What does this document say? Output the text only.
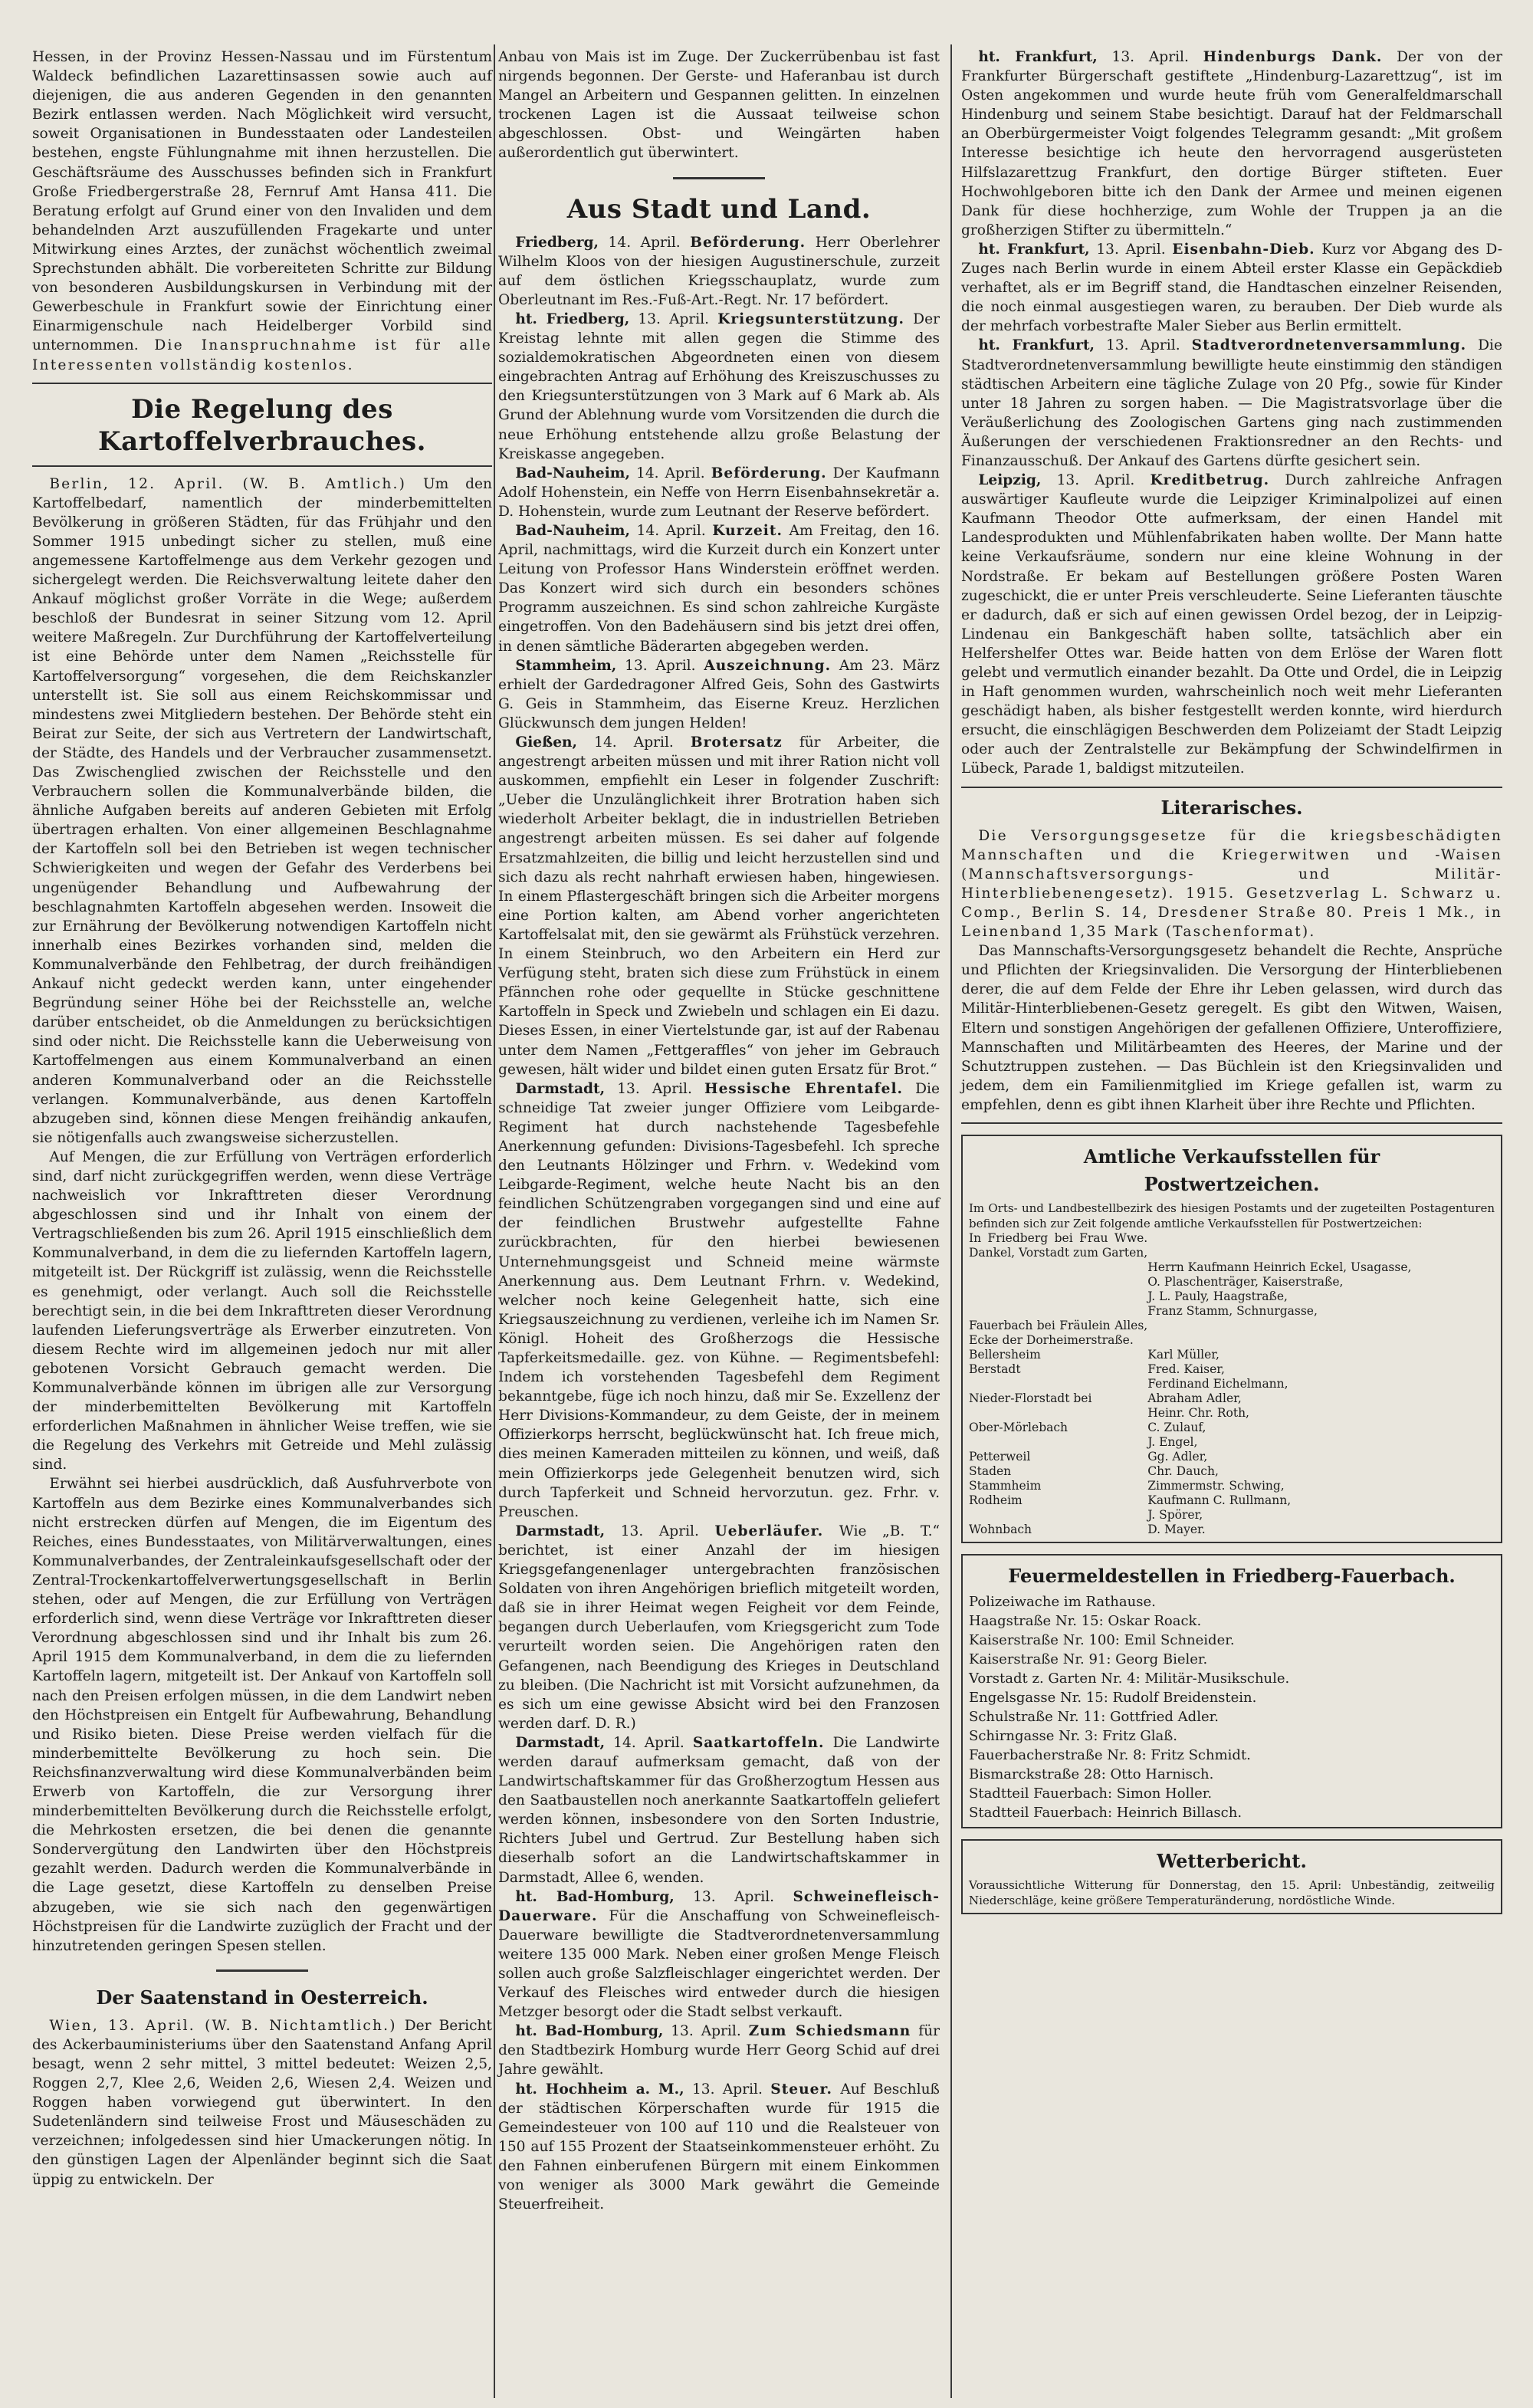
Hessen, in der Provinz Hessen-Nassau und im Fürstentum Waldeck befindlichen Lazarettinsassen sowie auch auf diejenigen, die aus anderen Gegenden in den genannten Bezirk entlassen werden. Nach Möglichkeit wird versucht, soweit Organisationen in Bundesstaaten oder Landesteilen bestehen, engste Fühlungnahme mit ihnen herzustellen. Die Geschäftsräume des Ausschusses befinden sich in Frankfurt Große Friedbergerstraße 28, Fernruf Amt Hansa 411. Die Beratung erfolgt auf Grund einer von den Invaliden und dem behandelnden Arzt auszufüllenden Fragekarte und unter Mitwirkung eines Arztes, der zunächst wöchentlich zweimal Sprechstunden abhält. Die vorbereiteten Schritte zur Bildung von besonderen Ausbildungskursen in Verbindung mit der Gewerbeschule in Frankfurt sowie der Einrichtung einer Einarmigenschule nach Heidelberger Vorbild sind unternommen. Die Inanspruchnahme ist für alle Interessenten vollständig kostenlos.

Die Regelung des Kartoffelverbrauches.

Berlin, 12. April. (W. B. Amtlich.) Um den Kartoffelbedarf, namentlich der minderbemittelten Bevölkerung in größeren Städten, für das Frühjahr und den Sommer 1915 unbedingt sicher zu stellen, muß eine angemessene Kartoffelmenge aus dem Verkehr gezogen und sichergelegt werden. Die Reichsverwaltung leitete daher den Ankauf möglichst großer Vorräte in die Wege; außerdem beschloß der Bundesrat in seiner Sitzung vom 12. April weitere Maßregeln. Zur Durchführung der Kartoffelverteilung ist eine Behörde unter dem Namen „Reichsstelle für Kartoffelversorgung“ vorgesehen, die dem Reichskanzler unterstellt ist. Sie soll aus einem Reichskommissar und mindestens zwei Mitgliedern bestehen. Der Behörde steht ein Beirat zur Seite, der sich aus Vertretern der Landwirtschaft, der Städte, des Handels und der Verbraucher zusammensetzt. Das Zwischenglied zwischen der Reichsstelle und den Verbrauchern sollen die Kommunalverbände bilden, die ähnliche Aufgaben bereits auf anderen Gebieten mit Erfolg übertragen erhalten. Von einer allgemeinen Beschlagnahme der Kartoffeln soll bei den Betrieben ist wegen technischer Schwierigkeiten und wegen der Gefahr des Verderbens bei ungenügender Behandlung und Aufbewahrung der beschlagnahmten Kartoffeln abgesehen werden. Insoweit die zur Ernährung der Bevölkerung notwendigen Kartoffeln nicht innerhalb eines Bezirkes vorhanden sind, melden die Kommunalverbände den Fehlbetrag, der durch freihändigen Ankauf nicht gedeckt werden kann, unter eingehender Begründung seiner Höhe bei der Reichsstelle an, welche darüber entscheidet, ob die Anmeldungen zu berücksichtigen sind oder nicht. Die Reichsstelle kann die Ueberweisung von Kartoffelmengen aus einem Kommunalverband an einen anderen Kommunalverband oder an die Reichsstelle verlangen. Kommunalverbände, aus denen Kartoffeln abzugeben sind, können diese Mengen freihändig ankaufen, sie nötigenfalls auch zwangsweise sicherzustellen.

Auf Mengen, die zur Erfüllung von Verträgen erforderlich sind, darf nicht zurückgegriffen werden, wenn diese Verträge nachweislich vor Inkrafttreten dieser Verordnung abgeschlossen sind und ihr Inhalt von einem der Vertragschließenden bis zum 26. April 1915 einschließlich dem Kommunalverband, in dem die zu liefernden Kartoffeln lagern, mitgeteilt ist. Der Rückgriff ist zulässig, wenn die Reichsstelle es genehmigt, oder verlangt. Auch soll die Reichsstelle berechtigt sein, in die bei dem Inkrafttreten dieser Verordnung laufenden Lieferungsverträge als Erwerber einzutreten. Von diesem Rechte wird im allgemeinen jedoch nur mit aller gebotenen Vorsicht Gebrauch gemacht werden. Die Kommunalverbände können im übrigen alle zur Versorgung der minderbemittelten Bevölkerung mit Kartoffeln erforderlichen Maßnahmen in ähnlicher Weise treffen, wie sie die Regelung des Verkehrs mit Getreide und Mehl zulässig sind.

Erwähnt sei hierbei ausdrücklich, daß Ausfuhrverbote von Kartoffeln aus dem Bezirke eines Kommunalverbandes sich nicht erstrecken dürfen auf Mengen, die im Eigentum des Reiches, eines Bundesstaates, von Militärverwaltungen, eines Kommunalverbandes, der Zentraleinkaufsgesellschaft oder der Zentral-Trockenkartoffelverwertungsgesellschaft in Berlin stehen, oder auf Mengen, die zur Erfüllung von Verträgen erforderlich sind, wenn diese Verträge vor Inkrafttreten dieser Verordnung abgeschlossen sind und ihr Inhalt bis zum 26. April 1915 dem Kommunalverband, in dem die zu liefernden Kartoffeln lagern, mitgeteilt ist. Der Ankauf von Kartoffeln soll nach den Preisen erfolgen müssen, in die dem Landwirt neben den Höchstpreisen ein Entgelt für Aufbewahrung, Behandlung und Risiko bieten. Diese Preise werden vielfach für die minderbemittelte Bevölkerung zu hoch sein. Die Reichsfinanzverwaltung wird diese Kommunalverbänden beim Erwerb von Kartoffeln, die zur Versorgung ihrer minderbemittelten Bevölkerung durch die Reichsstelle erfolgt, die Mehrkosten ersetzen, die bei denen die genannte Sondervergütung den Landwirten über den Höchstpreis gezahlt werden. Dadurch werden die Kommunalverbände in die Lage gesetzt, diese Kartoffeln zu denselben Preise abzugeben, wie sie sich nach den gegenwärtigen Höchstpreisen für die Landwirte zuzüglich der Fracht und der hinzutretenden geringen Spesen stellen.

Der Saatenstand in Oesterreich.

Wien, 13. April. (W. B. Nichtamtlich.) Der Bericht des Ackerbauministeriums über den Saatenstand Anfang April besagt, wenn 2 sehr mittel, 3 mittel bedeutet: Weizen 2,5, Roggen 2,7, Klee 2,6, Weiden 2,6, Wiesen 2,4. Weizen und Roggen haben vorwiegend gut überwintert. In den Sudetenländern sind teilweise Frost und Mäuseschäden zu verzeichnen; infolgedessen sind hier Umackerungen nötig. In den günstigen Lagen der Alpenländer beginnt sich die Saat üppig zu entwickeln. Der

Anbau von Mais ist im Zuge. Der Zuckerrübenbau ist fast nirgends begonnen. Der Gerste- und Haferanbau ist durch Mangel an Arbeitern und Gespannen gelitten. In einzelnen trockenen Lagen ist die Aussaat teilweise schon abgeschlossen. Obst- und Weingärten haben außerordentlich gut überwintert.

Aus Stadt und Land.

Friedberg, 14. April. Beförderung. Herr Oberlehrer Wilhelm Kloos von der hiesigen Augustinerschule, zurzeit auf dem östlichen Kriegsschauplatz, wurde zum Oberleutnant im Res.-Fuß-Art.-Regt. Nr. 17 befördert.

ht. Friedberg, 13. April. Kriegsunterstützung. Der Kreistag lehnte mit allen gegen die Stimme des sozialdemokratischen Abgeordneten einen von diesem eingebrachten Antrag auf Erhöhung des Kreiszuschusses zu den Kriegsunterstützungen von 3 Mark auf 6 Mark ab. Als Grund der Ablehnung wurde vom Vorsitzenden die durch die neue Erhöhung entstehende allzu große Belastung der Kreiskasse angegeben.

Bad-Nauheim, 14. April. Beförderung. Der Kaufmann Adolf Hohenstein, ein Neffe von Herrn Eisenbahnsekretär a. D. Hohenstein, wurde zum Leutnant der Reserve befördert.

Bad-Nauheim, 14. April. Kurzeit. Am Freitag, den 16. April, nachmittags, wird die Kurzeit durch ein Konzert unter Leitung von Professor Hans Winderstein eröffnet werden. Das Konzert wird sich durch ein besonders schönes Programm auszeichnen. Es sind schon zahlreiche Kurgäste eingetroffen. Von den Badehäusern sind bis jetzt drei offen, in denen sämtliche Bäderarten abgegeben werden.

Stammheim, 13. April. Auszeichnung. Am 23. März erhielt der Gardedragoner Alfred Geis, Sohn des Gastwirts G. Geis in Stammheim, das Eiserne Kreuz. Herzlichen Glückwunsch dem jungen Helden!

Gießen, 14. April. Brotersatz für Arbeiter, die angestrengt arbeiten müssen und mit ihrer Ration nicht voll auskommen, empfiehlt ein Leser in folgender Zuschrift: „Ueber die Unzulänglichkeit ihrer Brotration haben sich wiederholt Arbeiter beklagt, die in industriellen Betrieben angestrengt arbeiten müssen. Es sei daher auf folgende Ersatzmahlzeiten, die billig und leicht herzustellen sind und sich dazu als recht nahrhaft erwiesen haben, hingewiesen. In einem Pflastergeschäft bringen sich die Arbeiter morgens eine Portion kalten, am Abend vorher angerichteten Kartoffelsalat mit, den sie gewärmt als Frühstück verzehren. In einem Steinbruch, wo den Arbeitern ein Herd zur Verfügung steht, braten sich diese zum Frühstück in einem Pfännchen rohe oder gequellte in Stücke geschnittene Kartoffeln in Speck und Zwiebeln und schlagen ein Ei dazu. Dieses Essen, in einer Viertelstunde gar, ist auf der Rabenau unter dem Namen „Fettgeraffles“ von jeher im Gebrauch gewesen, hält wider und bildet einen guten Ersatz für Brot.“

Darmstadt, 13. April. Hessische Ehrentafel. Die schneidige Tat zweier junger Offiziere vom Leibgarde-Regiment hat durch nachstehende Tagesbefehle Anerkennung gefunden: Divisions-Tagesbefehl. Ich spreche den Leutnants Hölzinger und Frhrn. v. Wedekind vom Leibgarde-Regiment, welche heute Nacht bis an den feindlichen Schützengraben vorgegangen sind und eine auf der feindlichen Brustwehr aufgestellte Fahne zurückbrachten, für den hierbei bewiesenen Unternehmungsgeist und Schneid meine wärmste Anerkennung aus. Dem Leutnant Frhrn. v. Wedekind, welcher noch keine Gelegenheit hatte, sich eine Kriegsauszeichnung zu verdienen, verleihe ich im Namen Sr. Königl. Hoheit des Großherzogs die Hessische Tapferkeitsmedaille. gez. von Kühne. — Regimentsbefehl: Indem ich vorstehenden Tagesbefehl dem Regiment bekanntgebe, füge ich noch hinzu, daß mir Se. Exzellenz der Herr Divisions-Kommandeur, zu dem Geiste, der in meinem Offizierkorps herrscht, beglückwünscht hat. Ich freue mich, dies meinen Kameraden mitteilen zu können, und weiß, daß mein Offizierkorps jede Gelegenheit benutzen wird, sich durch Tapferkeit und Schneid hervorzutun. gez. Frhr. v. Preuschen.

Darmstadt, 13. April. Ueberläufer. Wie „B. T.“ berichtet, ist einer Anzahl der im hiesigen Kriegsgefangenenlager untergebrachten französischen Soldaten von ihren Angehörigen brieflich mitgeteilt worden, daß sie in ihrer Heimat wegen Feigheit vor dem Feinde, begangen durch Ueberlaufen, vom Kriegsgericht zum Tode verurteilt worden seien. Die Angehörigen raten den Gefangenen, nach Beendigung des Krieges in Deutschland zu bleiben. (Die Nachricht ist mit Vorsicht aufzunehmen, da es sich um eine gewisse Absicht wird bei den Franzosen werden darf. D. R.)

Darmstadt, 14. April. Saatkartoffeln. Die Landwirte werden darauf aufmerksam gemacht, daß von der Landwirtschaftskammer für das Großherzogtum Hessen aus den Saatbaustellen noch anerkannte Saatkartoffeln geliefert werden können, insbesondere von den Sorten Industrie, Richters Jubel und Gertrud. Zur Bestellung haben sich dieserhalb sofort an die Landwirtschaftskammer in Darmstadt, Allee 6, wenden.

ht. Bad-Homburg, 13. April. Schweinefleisch-Dauerware. Für die Anschaffung von Schweinefleisch-Dauerware bewilligte die Stadtverordnetenversammlung weitere 135 000 Mark. Neben einer großen Menge Fleisch sollen auch große Salzfleischlager eingerichtet werden. Der Verkauf des Fleisches wird entweder durch die hiesigen Metzger besorgt oder die Stadt selbst verkauft.

ht. Bad-Homburg, 13. April. Zum Schiedsmann für den Stadtbezirk Homburg wurde Herr Georg Schid auf drei Jahre gewählt.

ht. Hochheim a. M., 13. April. Steuer. Auf Beschluß der städtischen Körperschaften wurde für 1915 die Gemeindesteuer von 100 auf 110 und die Realsteuer von 150 auf 155 Prozent der Staatseinkommensteuer erhöht. Zu den Fahnen einberufenen Bürgern mit einem Einkommen von weniger als 3000 Mark gewährt die Gemeinde Steuerfreiheit.

ht. Frankfurt, 13. April. Hindenburgs Dank. Der von der Frankfurter Bürgerschaft gestiftete „Hindenburg-Lazarettzug“, ist im Osten angekommen und wurde heute früh vom Generalfeldmarschall Hindenburg und seinem Stabe besichtigt. Darauf hat der Feldmarschall an Oberbürgermeister Voigt folgendes Telegramm gesandt: „Mit großem Interesse besichtige ich heute den hervorragend ausgerüsteten Hilfslazarettzug Frankfurt, den dortige Bürger stifteten. Euer Hochwohlgeboren bitte ich den Dank der Armee und meinen eigenen Dank für diese hochherzige, zum Wohle der Truppen ja an die großherzigen Stifter zu übermitteln.“

ht. Frankfurt, 13. April. Eisenbahn-Dieb. Kurz vor Abgang des D-Zuges nach Berlin wurde in einem Abteil erster Klasse ein Gepäckdieb verhaftet, als er im Begriff stand, die Handtaschen einzelner Reisenden, die noch einmal ausgestiegen waren, zu berauben. Der Dieb wurde als der mehrfach vorbestrafte Maler Sieber aus Berlin ermittelt.

ht. Frankfurt, 13. April. Stadtverordnetenversammlung. Die Stadtverordnetenversammlung bewilligte heute einstimmig den ständigen städtischen Arbeitern eine tägliche Zulage von 20 Pfg., sowie für Kinder unter 18 Jahren zu sorgen haben. — Die Magistratsvorlage über die Veräußerlichung des Zoologischen Gartens ging nach zustimmenden Äußerungen der verschiedenen Fraktionsredner an den Rechts- und Finanzausschuß. Der Ankauf des Gartens dürfte gesichert sein.

Leipzig, 13. April. Kreditbetrug. Durch zahlreiche Anfragen auswärtiger Kaufleute wurde die Leipziger Kriminalpolizei auf einen Kaufmann Theodor Otte aufmerksam, der einen Handel mit Landesprodukten und Mühlenfabrikaten haben wollte. Der Mann hatte keine Verkaufsräume, sondern nur eine kleine Wohnung in der Nordstraße. Er bekam auf Bestellungen größere Posten Waren zugeschickt, die er unter Preis verschleuderte. Seine Lieferanten täuschte er dadurch, daß er sich auf einen gewissen Ordel bezog, der in Leipzig-Lindenau ein Bankgeschäft haben sollte, tatsächlich aber ein Helfershelfer Ottes war. Beide hatten von dem Erlöse der Waren flott gelebt und vermutlich einander bezahlt. Da Otte und Ordel, die in Leipzig in Haft genommen wurden, wahrscheinlich noch weit mehr Lieferanten geschädigt haben, als bisher festgestellt werden konnte, wird hierdurch ersucht, die einschlägigen Beschwerden dem Polizeiamt der Stadt Leipzig oder auch der Zentralstelle zur Bekämpfung der Schwindelfirmen in Lübeck, Parade 1, baldigst mitzuteilen.

Literarisches.

Die Versorgungsgesetze für die kriegsbeschädigten Mannschaften und die Kriegerwitwen und -Waisen (Mannschaftsversorgungs- und Militär-Hinterbliebenengesetz). 1915. Gesetzverlag L. Schwarz u. Comp., Berlin S. 14, Dresdener Straße 80. Preis 1 Mk., in Leinenband 1,35 Mark (Taschenformat).

Das Mannschafts-Versorgungsgesetz behandelt die Rechte, Ansprüche und Pflichten der Kriegsinvaliden. Die Versorgung der Hinterbliebenen derer, die auf dem Felde der Ehre ihr Leben gelassen, wird durch das Militär-Hinterbliebenen-Gesetz geregelt. Es gibt den Witwen, Waisen, Eltern und sonstigen Angehörigen der gefallenen Offiziere, Unteroffiziere, Mannschaften und Militärbeamten des Heeres, der Marine und der Schutztruppen zustehen. — Das Büchlein ist den Kriegsinvaliden und jedem, dem ein Familienmitglied im Kriege gefallen ist, warm zu empfehlen, denn es gibt ihnen Klarheit über ihre Rechte und Pflichten.

Amtliche Verkaufsstellen für
Postwertzeichen.

Im Orts- und Landbestellbezirk des hiesigen Postamts und der zugeteilten Postagenturen befinden sich zur Zeit folgende amtliche Verkaufsstellen für Postwertzeichen:

In Friedberg bei Frau Wwe. Dankel, Vorstadt zum Garten,
Herrn Kaufmann Heinrich Eckel, Usagasse,
O. Plaschenträger, Kaiserstraße,
J. L. Pauly, Haagstraße,
Franz Stamm, Schnurgasse,
Fauerbach bei Fräulein Alles, Ecke der Dorheimerstraße.
Bellersheim	Karl Müller,
Berstadt	Fred. Kaiser,
Ferdinand Eichelmann,
Nieder-Florstadt bei	Abraham Adler,
Heinr. Chr. Roth,
Ober-Mörlebach	C. Zulauf,
J. Engel,
Petterweil	Gg. Adler,
Staden	Chr. Dauch,
Stammheim	Zimmermstr. Schwing,
Rodheim	Kaufmann C. Rullmann,
J. Spörer,
Wohnbach	D. Mayer.
Feuermeldestellen in Friedberg-Fauerbach.

Polizeiwache im Rathause.

Haagstraße Nr. 15: Oskar Roack.

Kaiserstraße Nr. 100: Emil Schneider.

Kaiserstraße Nr. 91: Georg Bieler.

Vorstadt z. Garten Nr. 4: Militär-Musikschule.

Engelsgasse Nr. 15: Rudolf Breidenstein.

Schulstraße Nr. 11: Gottfried Adler.

Schirngasse Nr. 3: Fritz Glaß.

Fauerbacherstraße Nr. 8: Fritz Schmidt.

Bismarckstraße 28: Otto Harnisch.

Stadtteil Fauerbach: Simon Holler.

Stadtteil Fauerbach: Heinrich Billasch.

Wetterbericht.

Voraussichtliche Witterung für Donnerstag, den 15. April: Unbeständig, zeitweilig Niederschläge, keine größere Temperaturänderung, nordöstliche Winde.
